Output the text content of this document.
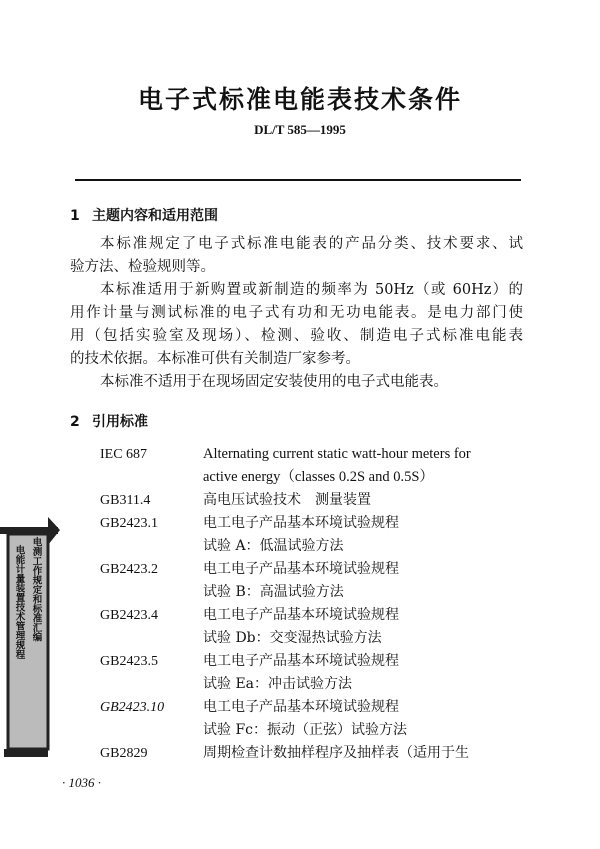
电子式标准电能表技术条件
DL/T 585—1995
1 主题内容和适用范围
本标准规定了电子式标准电能表的产品分类、技术要求、试
验方法、检验规则等。
本标准适用于新购置或新制造的频率为 50Hz（或 60Hz）的
用作计量与测试标准的电子式有功和无功电能表。是电力部门使
用（包括实验室及现场）、检测、验收、制造电子式标准电能表
的技术依据。本标准可供有关制造厂家参考。
本标准不适用于在现场固定安装使用的电子式电能表。
2 引用标准
IEC 687	Alternating current static watt-hour meters for
active energy（classes 0.2S and 0.5S）
GB311.4	高电压试验技术　测量装置
GB2423.1	电工电子产品基本环境试验规程
试验 A：低温试验方法
GB2423.2	电工电子产品基本环境试验规程
试验 B：高温试验方法
GB2423.4	电工电子产品基本环境试验规程
试验 Db：交变湿热试验方法
GB2423.5	电工电子产品基本环境试验规程
试验 Ea：冲击试验方法
GB2423.10	电工电子产品基本环境试验规程
试验 Fc：振动（正弦）试验方法
GB2829	周期检查计数抽样程序及抽样表（适用于生
电能计量装置技术管理规程 电测工作规定和标准汇编
· 1036 ·
